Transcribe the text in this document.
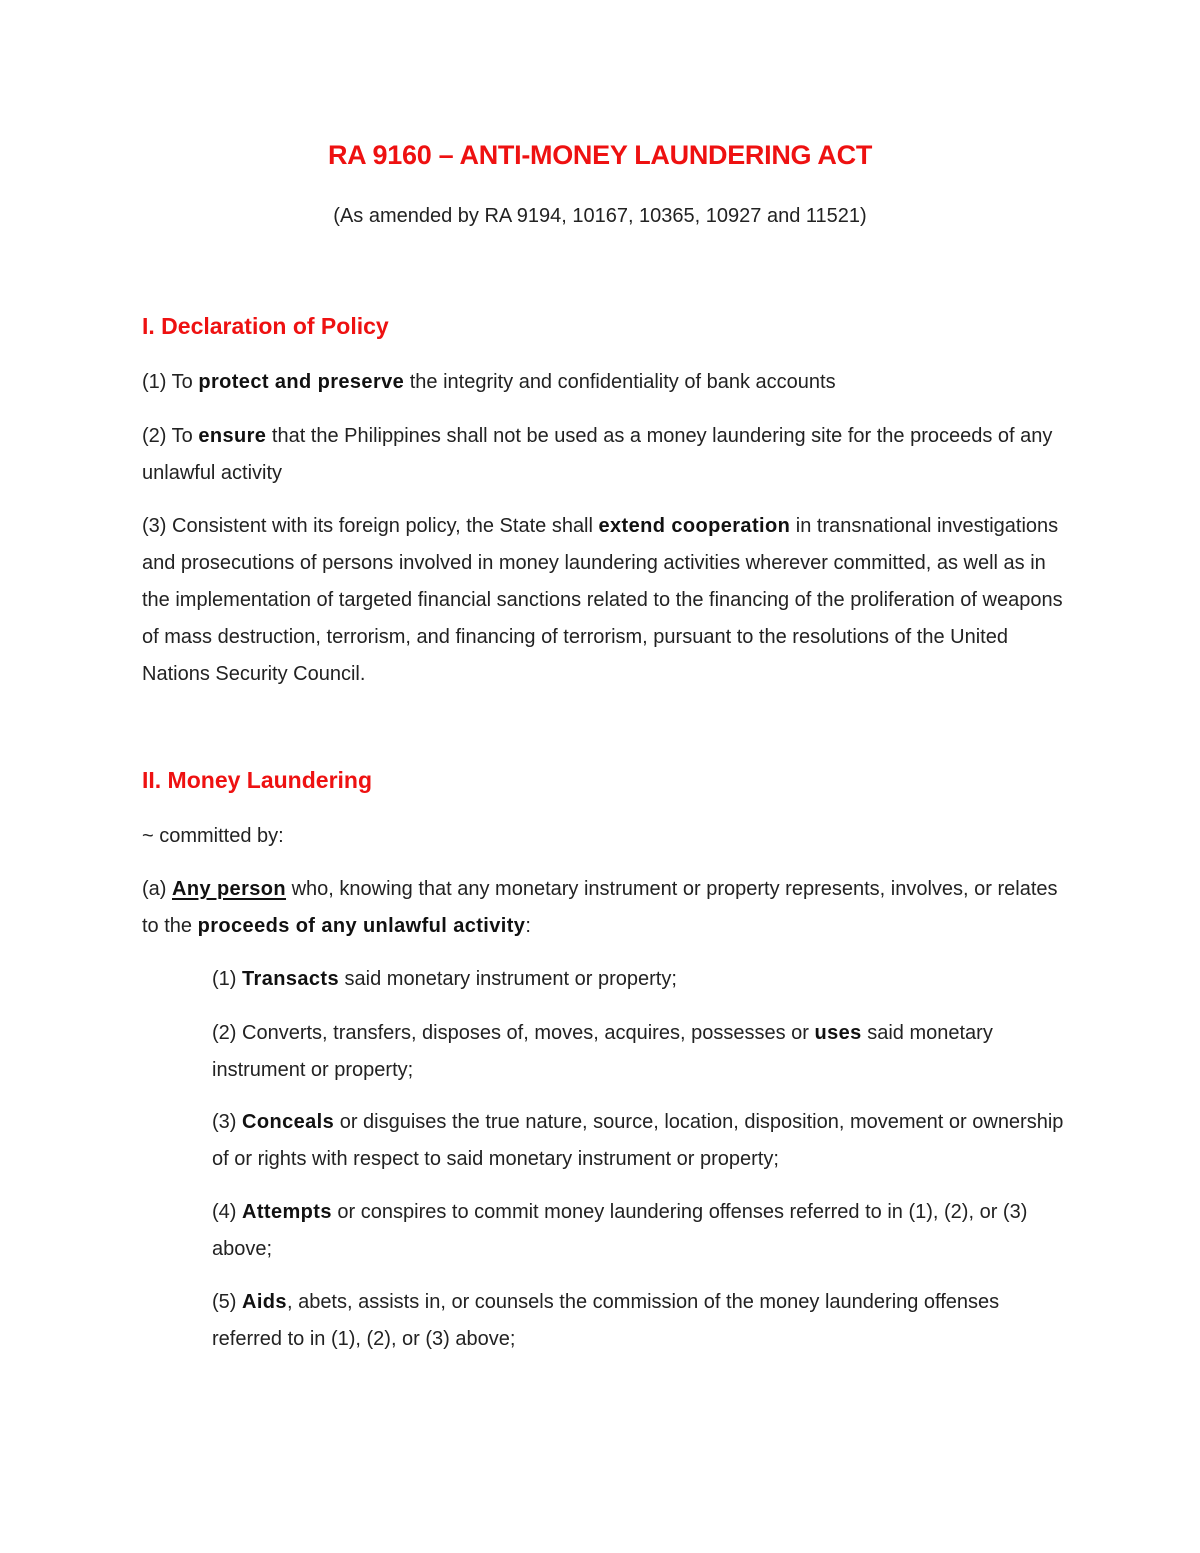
RA 9160 – ANTI-MONEY LAUNDERING ACT
(As amended by RA 9194, 10167, 10365, 10927 and 11521)
I. Declaration of Policy
(1) To protect and preserve the integrity and confidentiality of bank accounts
(2) To ensure that the Philippines shall not be used as a money laundering site for the proceeds of any unlawful activity
(3) Consistent with its foreign policy, the State shall extend cooperation in transnational investigations and prosecutions of persons involved in money laundering activities wherever committed, as well as in the implementation of targeted financial sanctions related to the financing of the proliferation of weapons of mass destruction, terrorism, and financing of terrorism, pursuant to the resolutions of the United Nations Security Council.
II. Money Laundering
~ committed by:
(a) Any person who, knowing that any monetary instrument or property represents, involves, or relates to the proceeds of any unlawful activity:
(1) Transacts said monetary instrument or property;
(2) Converts, transfers, disposes of, moves, acquires, possesses or uses said monetary instrument or property;
(3) Conceals or disguises the true nature, source, location, disposition, movement or ownership of or rights with respect to said monetary instrument or property;
(4) Attempts or conspires to commit money laundering offenses referred to in (1), (2), or (3) above;
(5) Aids, abets, assists in, or counsels the commission of the money laundering offenses referred to in (1), (2), or (3) above;
